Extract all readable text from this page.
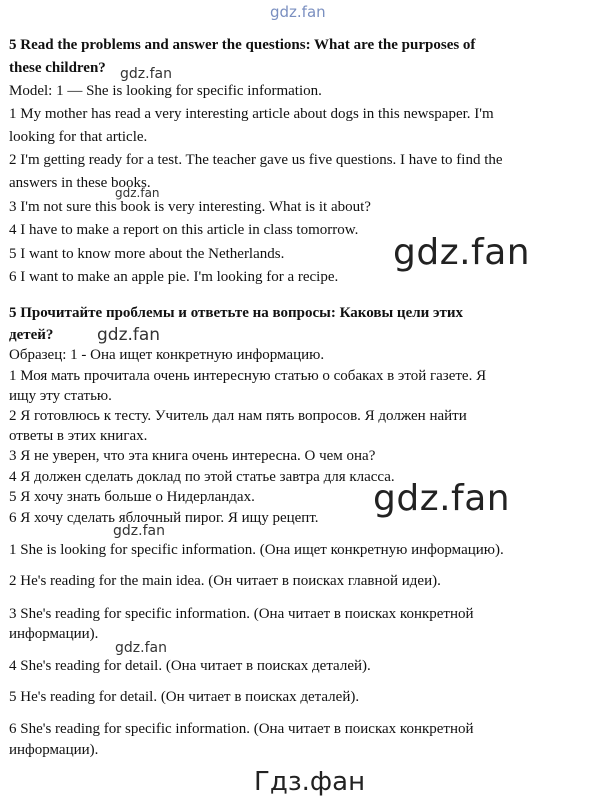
gdz.fan
5 Read the problems and answer the questions: What are the purposes of
these children?
Model: 1 — She is looking for specific information.
1 My mother has read a very interesting article about dogs in this newspaper. I'm
looking for that article.
2 I'm getting ready for a test. The teacher gave us five questions. I have to find the
answers in these books.
3 I'm not sure this book is very interesting. What is it about?
4 I have to make a report on this article in class tomorrow.
5 I want to know more about the Netherlands.
6 I want to make an apple pie. I'm looking for a recipe.
gdz.fan
gdz.fan
gdz.fan
5 Прочитайте проблемы и ответьте на вопросы: Каковы цели этих
детей?	gdz.fan
Образец: 1 - Она ищет конкретную информацию.
1 Моя мать прочитала очень интересную статью о собаках в этой газете. Я
ищу эту статью.
2 Я готовлюсь к тесту. Учитель дал нам пять вопросов. Я должен найти
ответы в этих книгах.
3 Я не уверен, что эта книга очень интересна. О чем она?
4 Я должен сделать доклад по этой статье завтра для класса.
5 Я хочу знать больше о Нидерландах.
6 Я хочу сделать яблочный пирог. Я ищу рецепт.	gdz.fan
gdz.fan
1 She is looking for specific information. (Она ищет конкретную информацию).
2 He's reading for the main idea. (Он читает в поисках главной идеи).
3 She's reading for specific information. (Она читает в поисках конкретной
информации).
gdz.fan
4 She's reading for detail. (Она читает в поисках деталей).
5 He's reading for detail. (Он читает в поисках деталей).
6 She's reading for specific information. (Она читает в поисках конкретной
информации).
Гдз.фан
